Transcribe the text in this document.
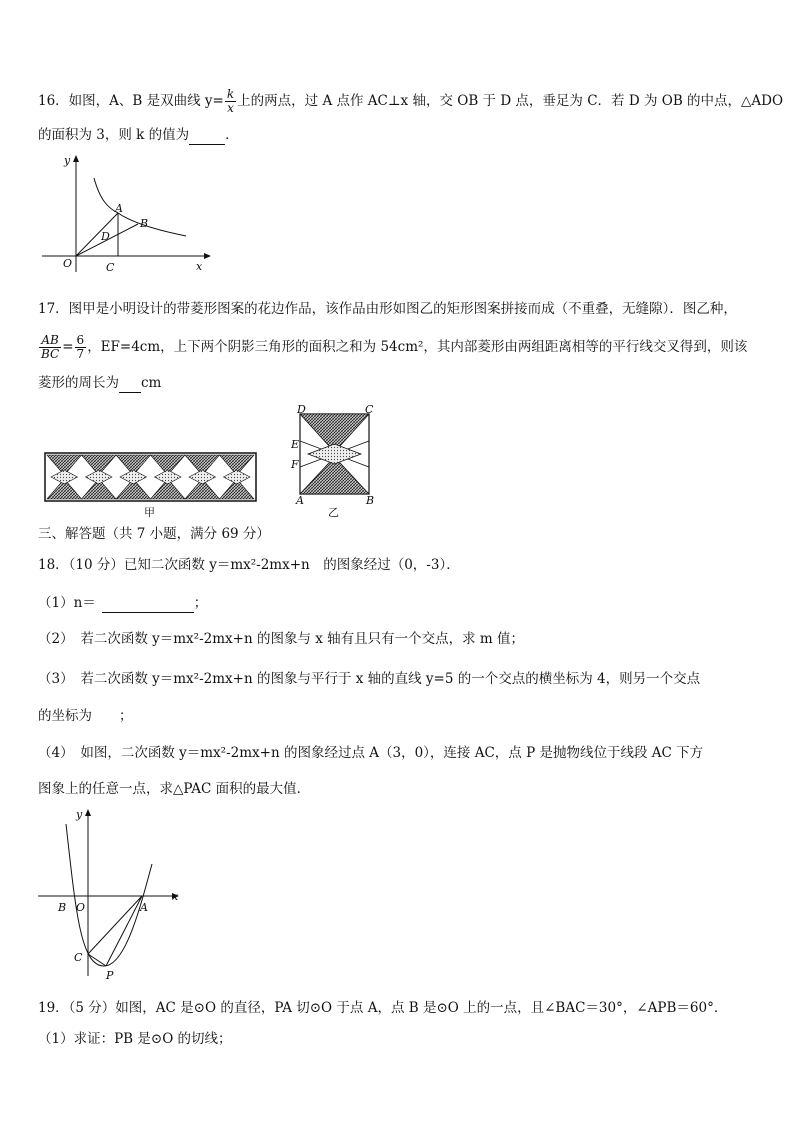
16．如图，A、B 是双曲线 $y= \frac{k}{x}$ 上的两点，过 A 点作 AC⊥x 轴，交 OB 于 D 点，垂足为 C．若 D 为 OB 的中点，△ADO
的面积为 3，则 k 的值为	．
y
x
O
A
B
C
D
17．图甲是小明设计的带菱形图案的花边作品，该作品由形如图乙的矩形图案拼接而成（不重叠，无缝隙）．图乙种，
$\frac{AB}{BC} = \frac{6}{7}$ ，EF=4cm，上下两个阴影三角形的面积之和为 54cm²，其内部菱形由两组距离相等的平行线交叉得到，则该
菱形的周长为 cm
甲
D	C
E
F
A	B
乙
三、解答题（共 7 小题，满分 69 分）
18．（10 分）已知二次函数 y＝mx²-2mx+n　的图象经过（0，-3）．
（1）n＝	；
（2）　若二次函数 y＝mx²-2mx+n 的图象与 x 轴有且只有一个交点，求 m 值；
（3）　若二次函数 y＝mx²-2mx+n 的图象与平行于 x 轴的直线 y=5 的一个交点的横坐标为 4，则另一个交点
的坐标为　　；
（4）　如图，二次函数 y＝mx²-2mx+n 的图象经过点 A（3，0），连接 AC，点 P 是抛物线位于线段 AC 下方
图象上的任意一点，求△PAC 面积的最大值．
y
x
O
B	A
C
P
19．（5 分）如图，AC 是⊙O 的直径，PA 切⊙O 于点 A，点 B 是⊙O 上的一点，且∠BAC＝30°，∠APB＝60°．
（1）求证：PB 是⊙O 的切线；
